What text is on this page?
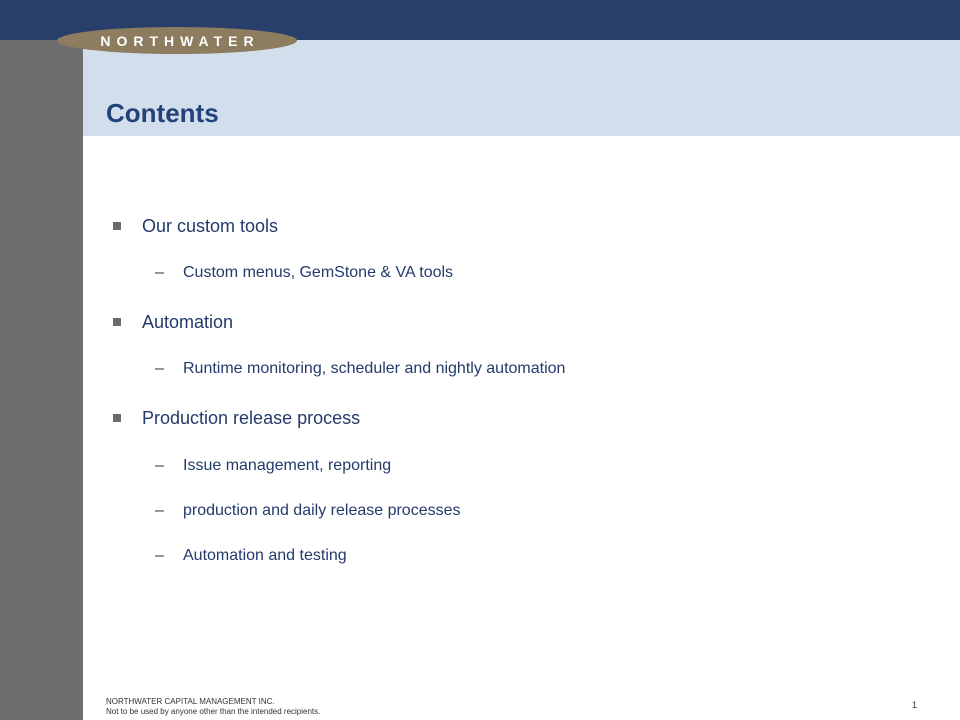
NORTHWATER
Contents
Our custom tools
–	Custom menus, GemStone & VA tools
Automation
–	Runtime monitoring, scheduler and nightly automation
Production release process
–	Issue management, reporting
–	production and daily release processes
–	Automation and testing
NORTHWATER CAPITAL MANAGEMENT INC.
Not to be used by anyone other than the intended recipients.
1
